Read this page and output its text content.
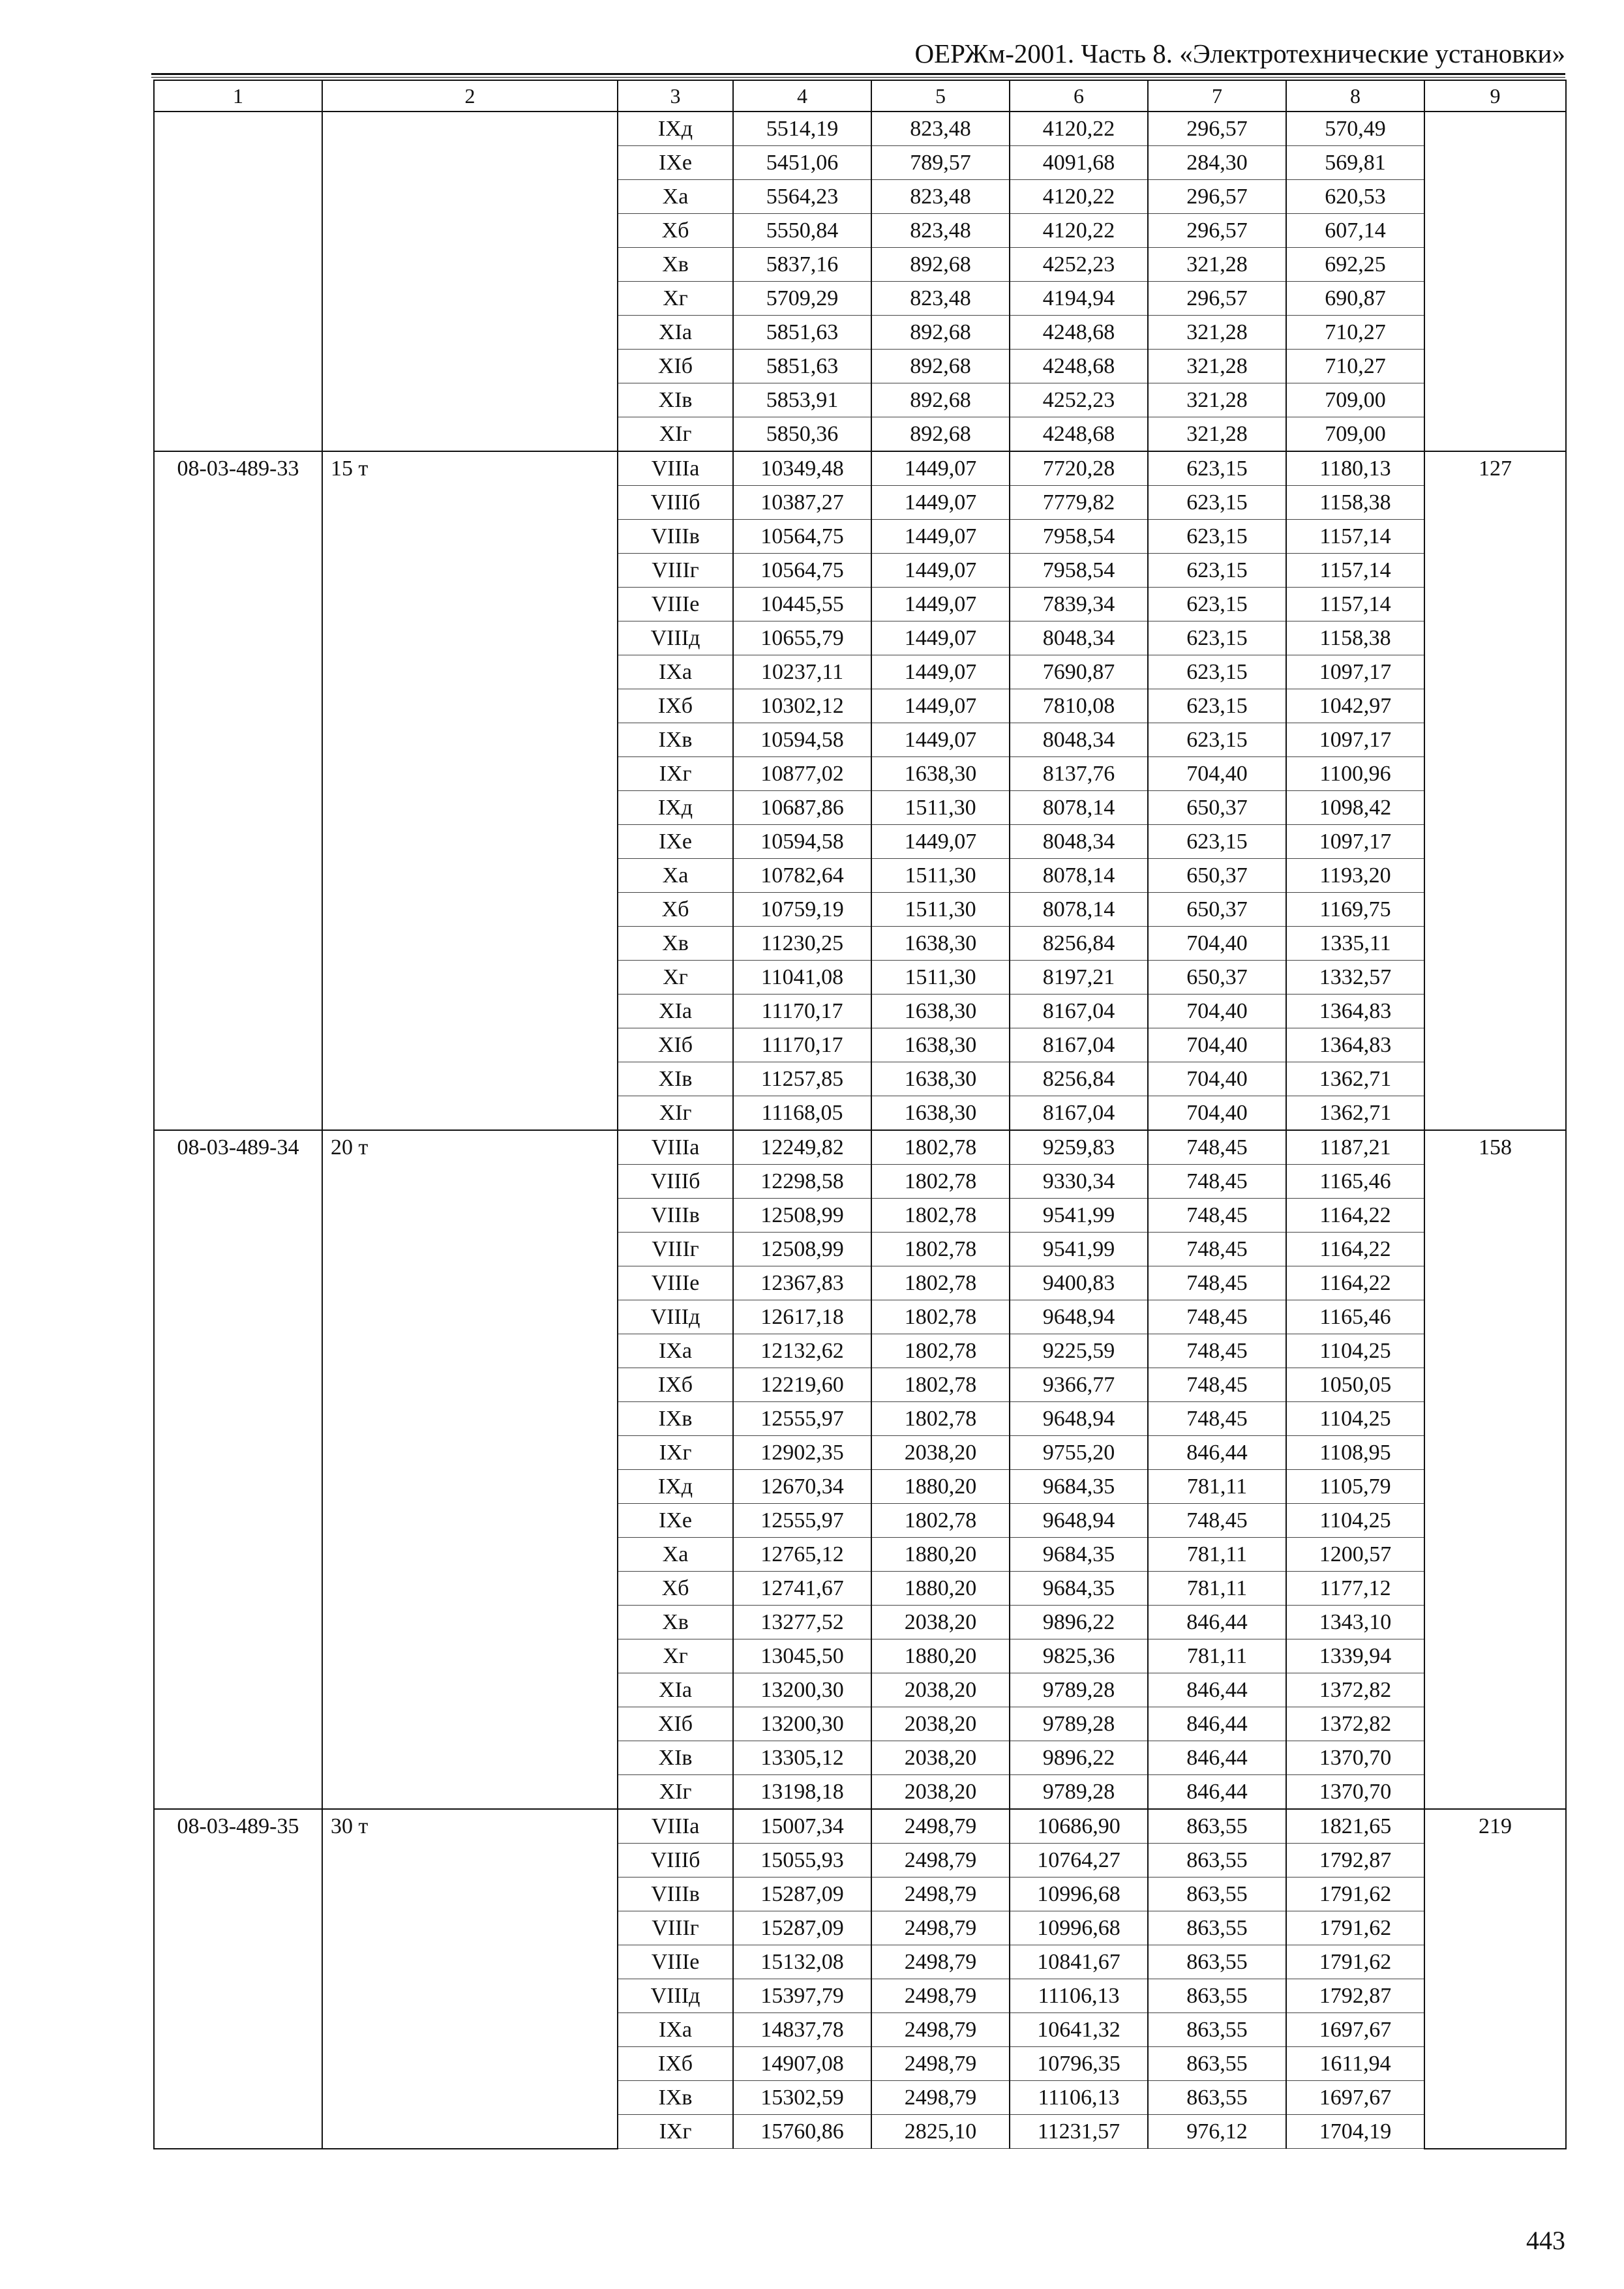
ОЕРЖм-2001. Часть 8. «Электротехнические установки»
1	2	3	4	5	6	7	8	9
		IXд	5514,19	823,48	4120,22	296,57	570,49	
		IXе	5451,06	789,57	4091,68	284,30	569,81	
		Xа	5564,23	823,48	4120,22	296,57	620,53	
		Xб	5550,84	823,48	4120,22	296,57	607,14	
		Xв	5837,16	892,68	4252,23	321,28	692,25	
		Xг	5709,29	823,48	4194,94	296,57	690,87	
		XIа	5851,63	892,68	4248,68	321,28	710,27	
		XIб	5851,63	892,68	4248,68	321,28	710,27	
		XIв	5853,91	892,68	4252,23	321,28	709,00	
		XIг	5850,36	892,68	4248,68	321,28	709,00	
08-03-489-33	15 т	VIIIа	10349,48	1449,07	7720,28	623,15	1180,13	127
		VIIIб	10387,27	1449,07	7779,82	623,15	1158,38	
		VIIIв	10564,75	1449,07	7958,54	623,15	1157,14	
		VIIIг	10564,75	1449,07	7958,54	623,15	1157,14	
		VIIIе	10445,55	1449,07	7839,34	623,15	1157,14	
		VIIIд	10655,79	1449,07	8048,34	623,15	1158,38	
		IXа	10237,11	1449,07	7690,87	623,15	1097,17	
		IXб	10302,12	1449,07	7810,08	623,15	1042,97	
		IXв	10594,58	1449,07	8048,34	623,15	1097,17	
		IXг	10877,02	1638,30	8137,76	704,40	1100,96	
		IXд	10687,86	1511,30	8078,14	650,37	1098,42	
		IXе	10594,58	1449,07	8048,34	623,15	1097,17	
		Xа	10782,64	1511,30	8078,14	650,37	1193,20	
		Xб	10759,19	1511,30	8078,14	650,37	1169,75	
		Xв	11230,25	1638,30	8256,84	704,40	1335,11	
		Xг	11041,08	1511,30	8197,21	650,37	1332,57	
		XIа	11170,17	1638,30	8167,04	704,40	1364,83	
		XIб	11170,17	1638,30	8167,04	704,40	1364,83	
		XIв	11257,85	1638,30	8256,84	704,40	1362,71	
		XIг	11168,05	1638,30	8167,04	704,40	1362,71	
08-03-489-34	20 т	VIIIа	12249,82	1802,78	9259,83	748,45	1187,21	158
		VIIIб	12298,58	1802,78	9330,34	748,45	1165,46	
		VIIIв	12508,99	1802,78	9541,99	748,45	1164,22	
		VIIIг	12508,99	1802,78	9541,99	748,45	1164,22	
		VIIIе	12367,83	1802,78	9400,83	748,45	1164,22	
		VIIIд	12617,18	1802,78	9648,94	748,45	1165,46	
		IXа	12132,62	1802,78	9225,59	748,45	1104,25	
		IXб	12219,60	1802,78	9366,77	748,45	1050,05	
		IXв	12555,97	1802,78	9648,94	748,45	1104,25	
		IXг	12902,35	2038,20	9755,20	846,44	1108,95	
		IXд	12670,34	1880,20	9684,35	781,11	1105,79	
		IXе	12555,97	1802,78	9648,94	748,45	1104,25	
		Xа	12765,12	1880,20	9684,35	781,11	1200,57	
		Xб	12741,67	1880,20	9684,35	781,11	1177,12	
		Xв	13277,52	2038,20	9896,22	846,44	1343,10	
		Xг	13045,50	1880,20	9825,36	781,11	1339,94	
		XIа	13200,30	2038,20	9789,28	846,44	1372,82	
		XIб	13200,30	2038,20	9789,28	846,44	1372,82	
		XIв	13305,12	2038,20	9896,22	846,44	1370,70	
		XIг	13198,18	2038,20	9789,28	846,44	1370,70	
08-03-489-35	30 т	VIIIа	15007,34	2498,79	10686,90	863,55	1821,65	219
		VIIIб	15055,93	2498,79	10764,27	863,55	1792,87	
		VIIIв	15287,09	2498,79	10996,68	863,55	1791,62	
		VIIIг	15287,09	2498,79	10996,68	863,55	1791,62	
		VIIIе	15132,08	2498,79	10841,67	863,55	1791,62	
		VIIIд	15397,79	2498,79	11106,13	863,55	1792,87	
		IXа	14837,78	2498,79	10641,32	863,55	1697,67	
		IXб	14907,08	2498,79	10796,35	863,55	1611,94	
		IXв	15302,59	2498,79	11106,13	863,55	1697,67	
		IXг	15760,86	2825,10	11231,57	976,12	1704,19	
443
